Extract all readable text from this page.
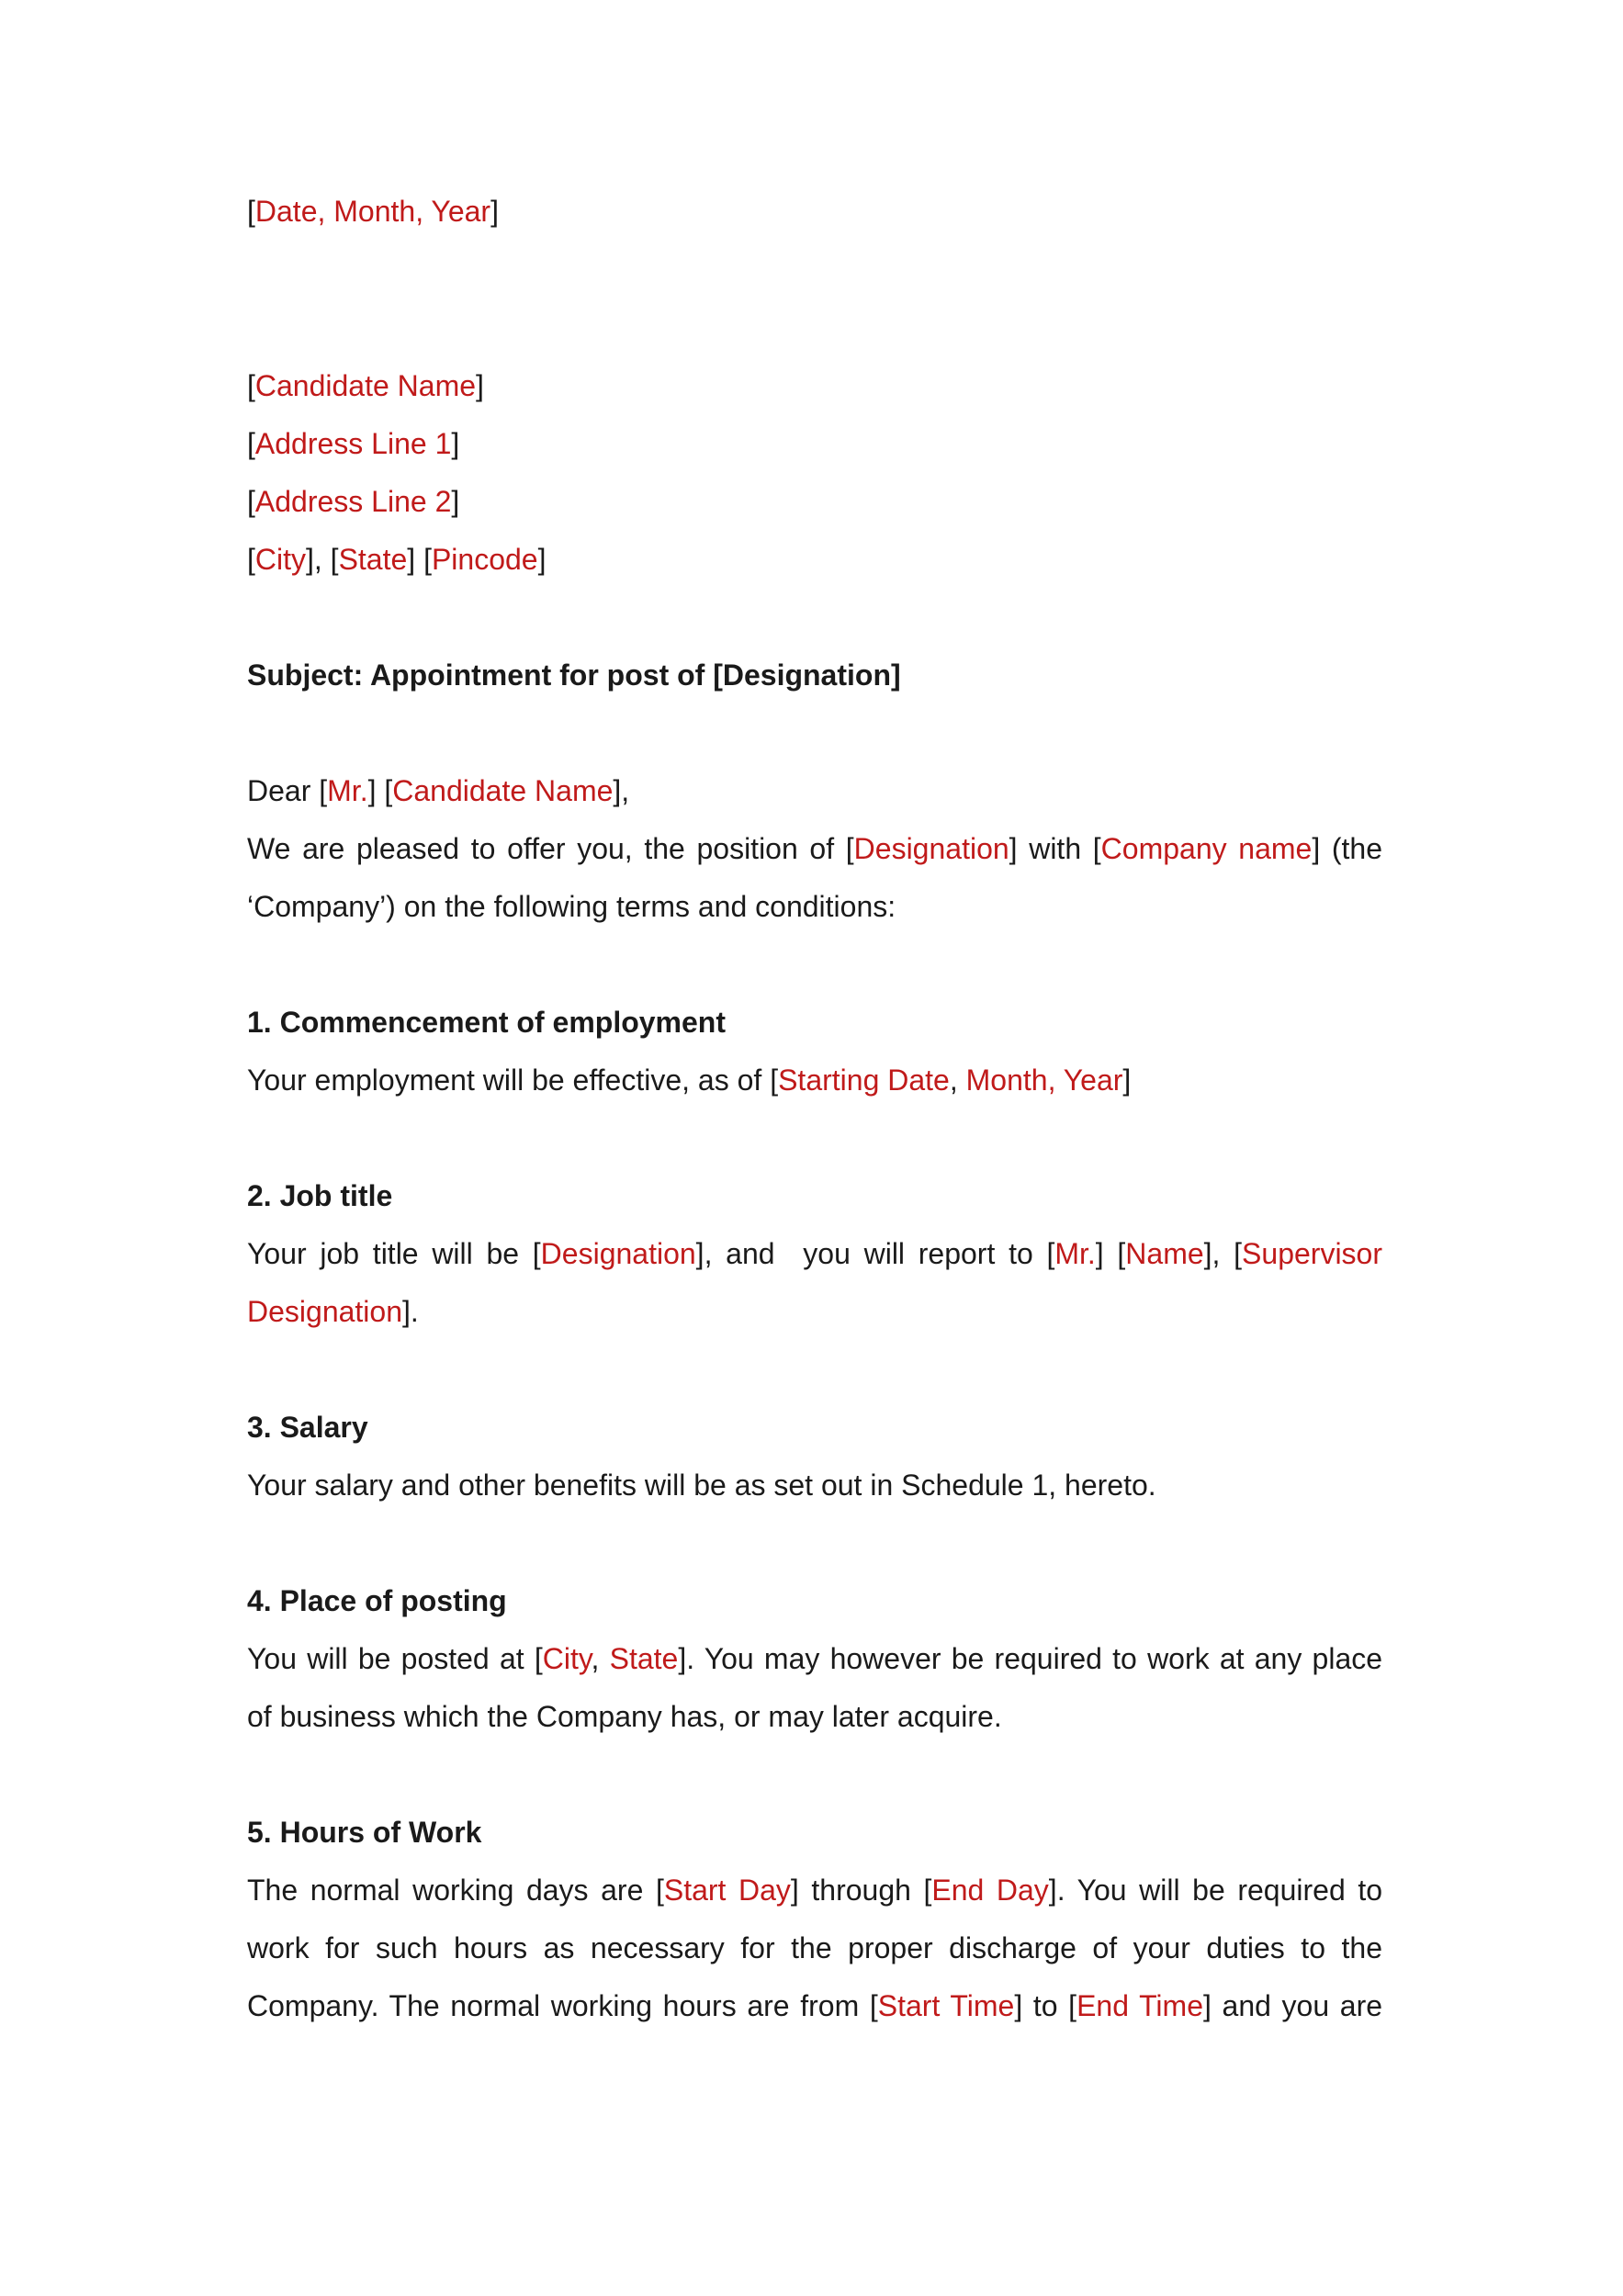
[Date, Month, Year]
[Candidate Name]
[Address Line 1]
[Address Line 2]
[City], [State] [Pincode]
Subject: Appointment for post of [Designation]
Dear [Mr.] [Candidate Name],
We are pleased to offer you, the position of [Designation] with [Company name] (the
‘Company’) on the following terms and conditions:
1. Commencement of employment
Your employment will be effective, as of [Starting Date, Month, Year]
2. Job title
Your job title will be [Designation], and you will report to [Mr.] [Name], [Supervisor
Designation].
3. Salary
Your salary and other benefits will be as set out in Schedule 1, hereto.
4. Place of posting
You will be posted at [City, State]. You may however be required to work at any place
of business which the Company has, or may later acquire.
5. Hours of Work
The normal working days are [Start Day] through [End Day]. You will be required to
work for such hours as necessary for the proper discharge of your duties to the
Company. The normal working hours are from [Start Time] to [End Time] and you are
